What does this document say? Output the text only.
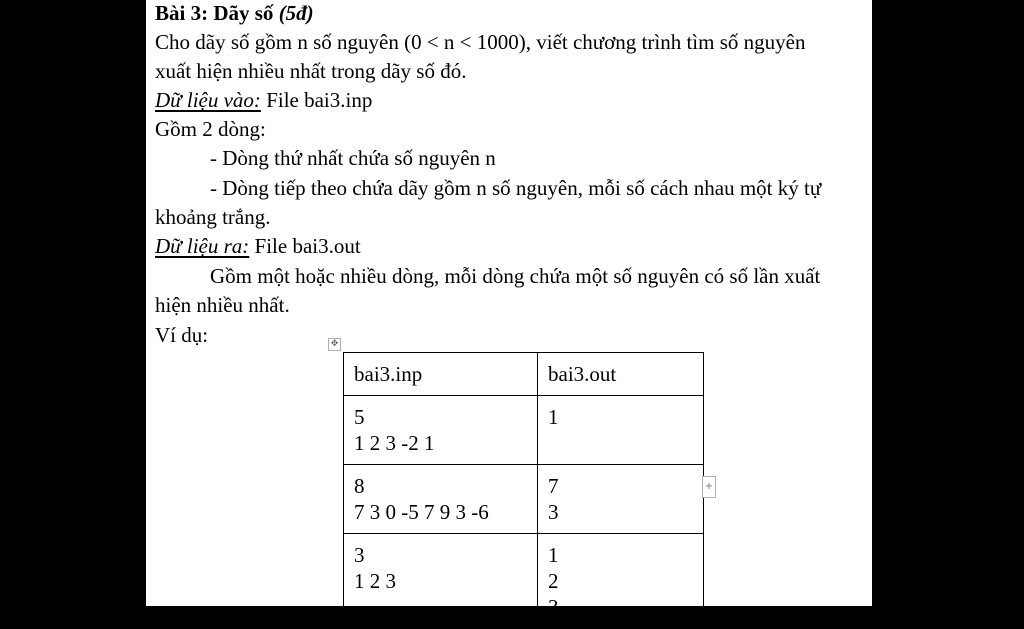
Bài 3: Dãy số (5đ)
Cho dãy số gồm n số nguyên (0 < n < 1000), viết chương trình tìm số nguyên
xuất hiện nhiều nhất trong dãy số đó.
Dữ liệu vào: File bai3.inp
Gồm 2 dòng:
- Dòng thứ nhất chứa số nguyên n
- Dòng tiếp theo chứa dãy gồm n số nguyên, mỗi số cách nhau một ký tự
khoảng trắng.
Dữ liệu ra: File bai3.out
Gồm một hoặc nhiều dòng, mỗi dòng chứa một số nguyên có số lần xuất
hiện nhiều nhất.
Ví dụ:	✥
bai3.inp	bai3.out

5
1 2 3 -2 1	1

8
7 3 0 -5 7 9 3 -6	7
3

3
1 2 3	1
2
3
+
